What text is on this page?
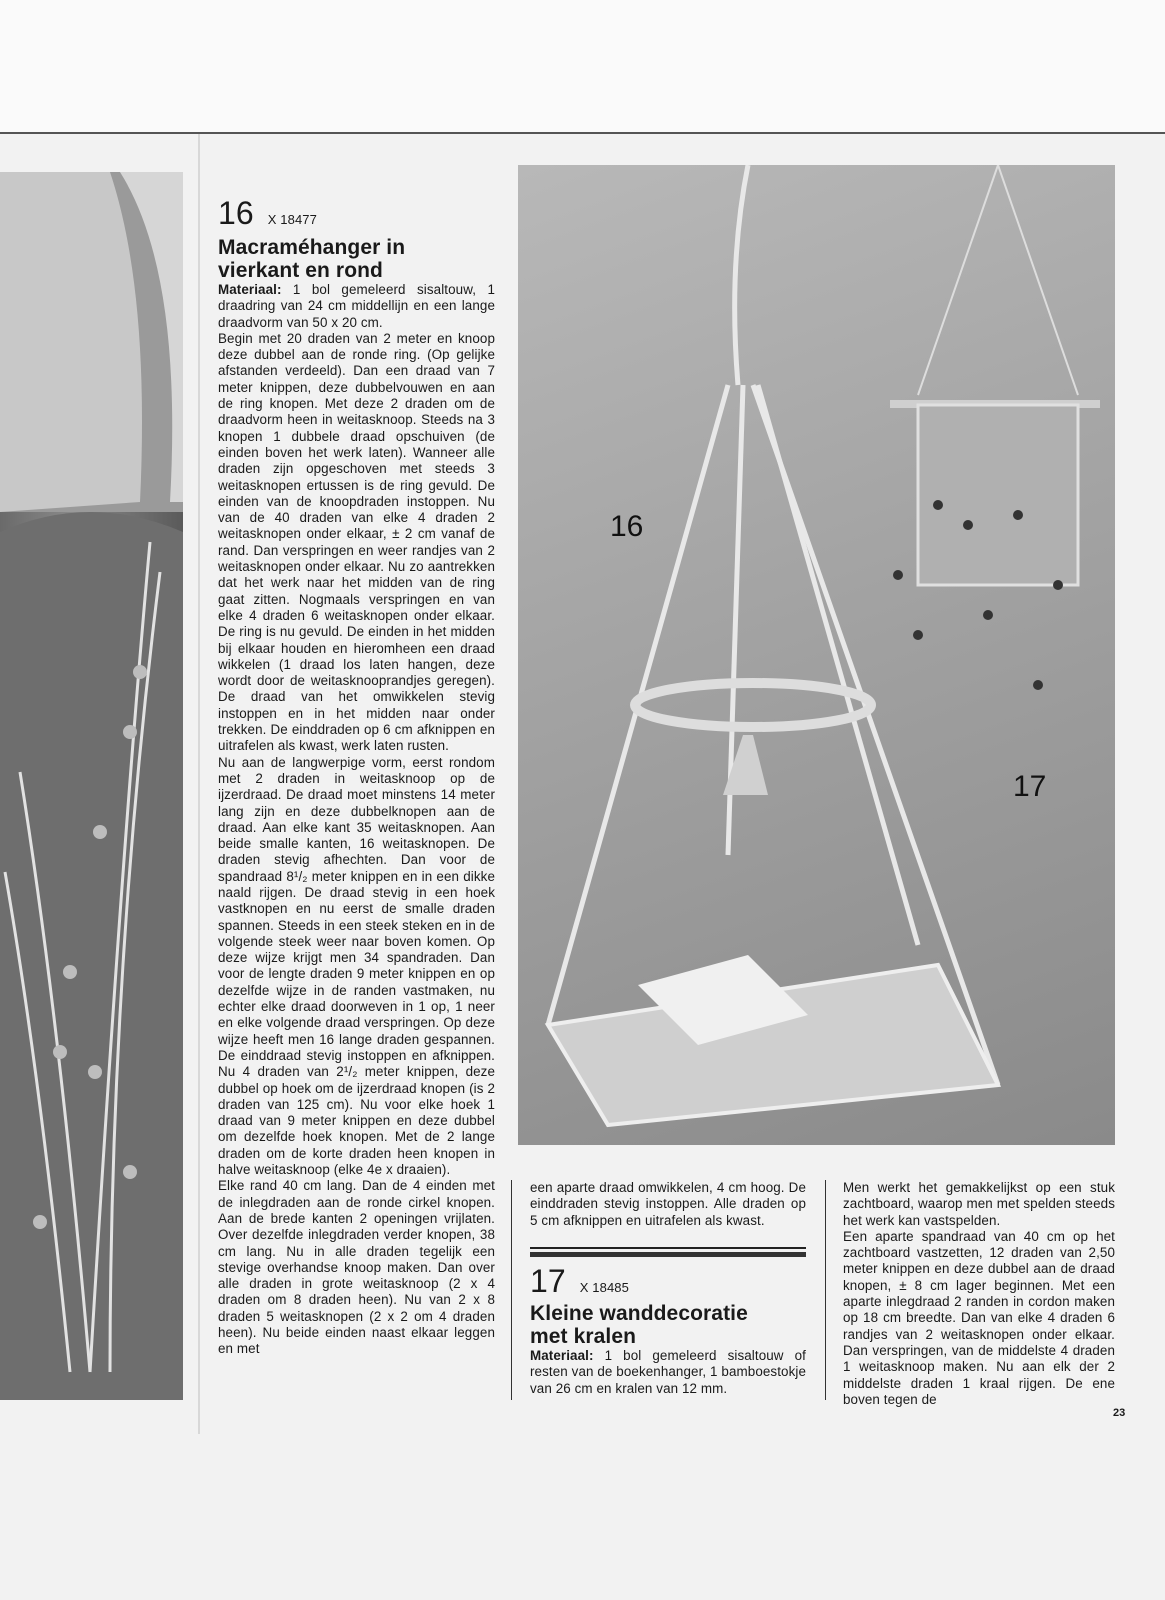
16
17
16 X 18477
Macraméhanger in
vierkant en rond

Materiaal: 1 bol gemeleerd sisaltouw, 1 draadring van 24 cm middellijn en een lange draadvorm van 50 x 20 cm.

Begin met 20 draden van 2 meter en knoop deze dubbel aan de ronde ring. (Op gelijke afstanden verdeeld). Dan een draad van 7 meter knippen, deze dubbelvouwen en aan de ring knopen. Met deze 2 draden om de draadvorm heen in weitasknoop. Steeds na 3 knopen 1 dubbele draad opschuiven (de einden boven het werk laten). Wanneer alle draden zijn opgeschoven met steeds 3 weitasknopen ertussen is de ring gevuld. De einden van de knoopdraden instoppen. Nu van de 40 draden van elke 4 draden 2 weitasknopen onder elkaar, ± 2 cm vanaf de rand. Dan verspringen en weer randjes van 2 weitasknopen onder elkaar. Nu zo aantrekken dat het werk naar het midden van de ring gaat zitten. Nogmaals verspringen en van elke 4 draden 6 weitasknopen onder elkaar. De ring is nu gevuld. De einden in het midden bij elkaar houden en hieromheen een draad wikkelen (1 draad los laten hangen, deze wordt door de weitasknooprandjes geregen). De draad van het omwikkelen stevig instoppen en in het midden naar onder trekken. De einddraden op 6 cm afknippen en uitrafelen als kwast, werk laten rusten.

Nu aan de langwerpige vorm, eerst rondom met 2 draden in weitasknoop op de ijzerdraad. De draad moet minstens 14 meter lang zijn en deze dubbelknopen aan de draad. Aan elke kant 35 weitasknopen. Aan beide smalle kanten, 16 weitasknopen. De draden stevig afhechten. Dan voor de spandraad 8¹/₂ meter knippen en in een dikke naald rijgen. De draad stevig in een hoek vastknopen en nu eerst de smalle draden spannen. Steeds in een steek steken en in de volgende steek weer naar boven komen. Op deze wijze krijgt men 34 spandraden. Dan voor de lengte draden 9 meter knippen en op dezelfde wijze in de randen vastmaken, nu echter elke draad doorweven in 1 op, 1 neer en elke volgende draad verspringen. Op deze wijze heeft men 16 lange draden gespannen. De einddraad stevig instoppen en afknippen. Nu 4 draden van 2¹/₂ meter knippen, deze dubbel op hoek om de ijzerdraad knopen (is 2 draden van 125 cm). Nu voor elke hoek 1 draad van 9 meter knippen en deze dubbel om dezelfde hoek knopen. Met de 2 lange draden om de korte draden heen knopen in halve weitasknoop (elke 4e x draaien).

Elke rand 40 cm lang. Dan de 4 einden met de inlegdraden aan de ronde cirkel knopen. Aan de brede kanten 2 openingen vrijlaten. Over dezelfde inlegdraden verder knopen, 38 cm lang. Nu in alle draden tegelijk een stevige overhandse knoop maken. Dan over alle draden in grote weitasknoop (2 x 4 draden om 8 draden heen). Nu van 2 x 8 draden 5 weitasknopen (2 x 2 om 4 draden heen). Nu beide einden naast elkaar leggen en met

een aparte draad omwikkelen, 4 cm hoog. De einddraden stevig instoppen. Alle draden op 5 cm afknippen en uitrafelen als kwast.

17 X 18485
Kleine wanddecoratie
met kralen

Materiaal: 1 bol gemeleerd sisaltouw of resten van de boekenhanger, 1 bamboestokje van 26 cm en kralen van 12 mm.

Men werkt het gemakkelijkst op een stuk zachtboard, waarop men met spelden steeds het werk kan vastspelden.

Een aparte spandraad van 40 cm op het zachtboard vastzetten, 12 draden van 2,50 meter knippen en deze dubbel aan de draad knopen, ± 8 cm lager beginnen. Met een aparte inlegdraad 2 randen in cordon maken op 18 cm breedte. Dan van elke 4 draden 6 randjes van 2 weitasknopen onder elkaar. Dan verspringen, van de middelste 4 draden 1 weitasknoop maken. Nu aan elk der 2 middelste draden 1 kraal rijgen. De ene boven tegen de

23
